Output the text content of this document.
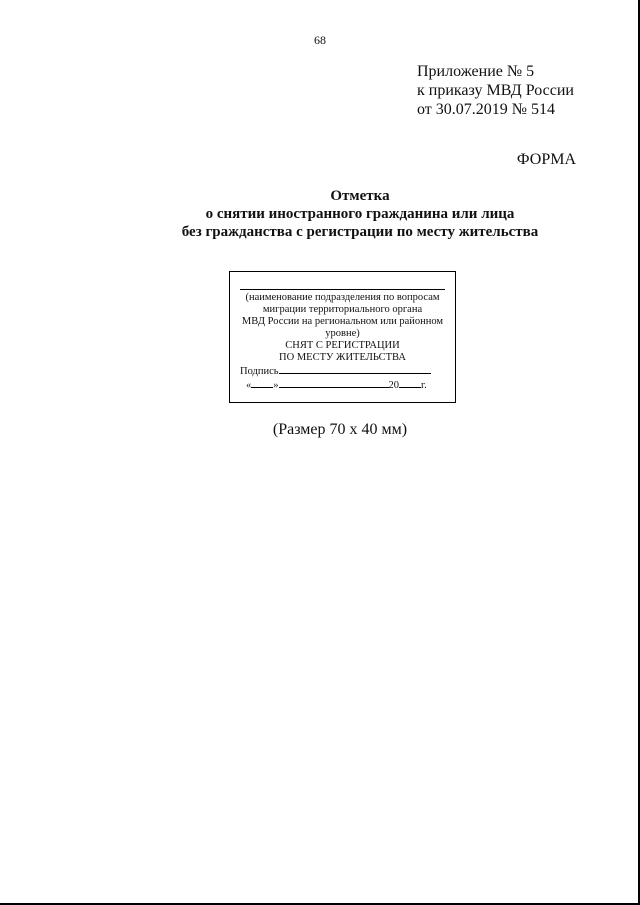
68
Приложение № 5
к приказу МВД России
от 30.07.2019 № 514
ФОРМА
Отметка
о снятии иностранного гражданина или лица
без гражданства с регистрации по месту жительства
(наименование подразделения по вопросам
миграции территориального органа
МВД России на региональном или районном
уровне)
СНЯТ С РЕГИСТРАЦИИ
ПО МЕСТУ ЖИТЕЛЬСТВА
Подпись
« »	20 г.
(Размер 70 х 40 мм)
